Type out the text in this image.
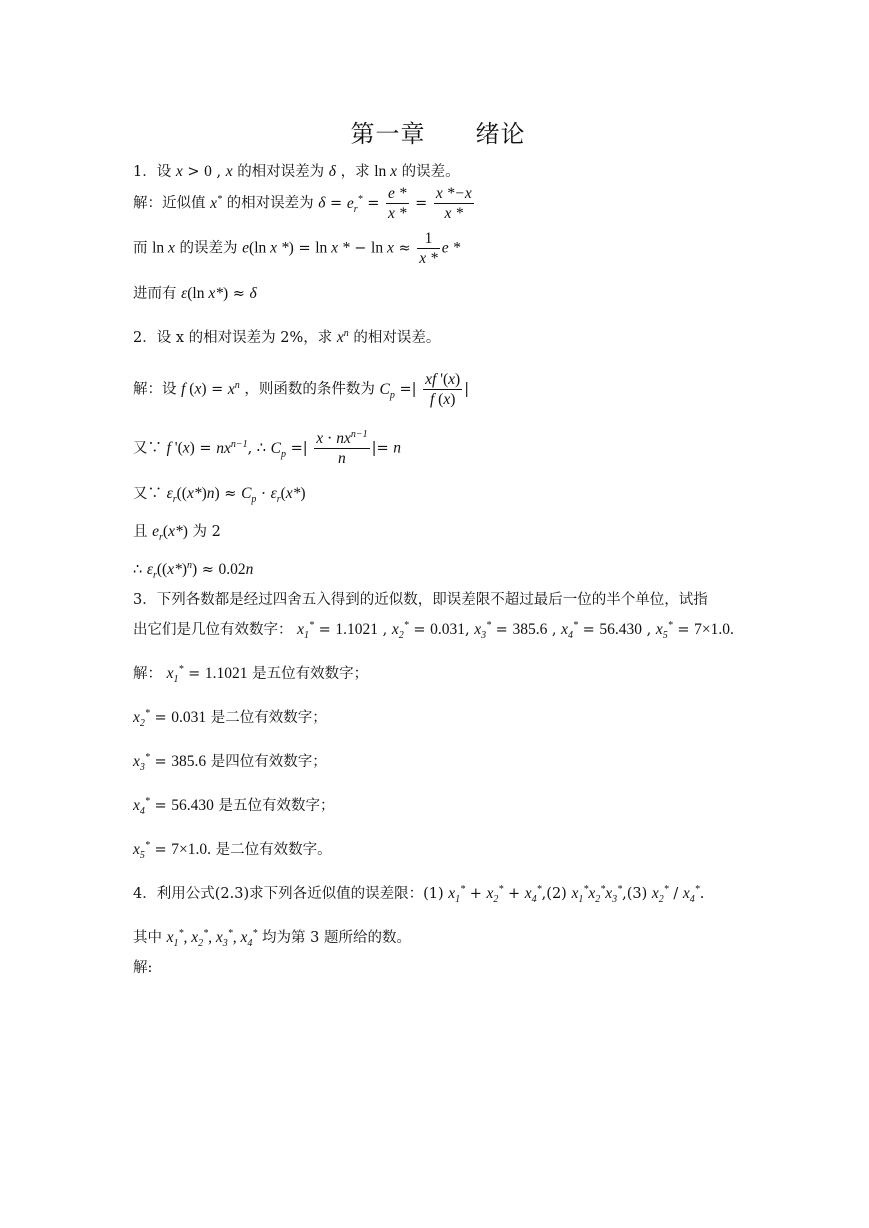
第一章　　绪论
1．设 x > 0 , x 的相对误差为 δ ，求 ln x 的误差。
解：近似值 x* 的相对误差为 $\delta = e_r^* = \frac{e *}{x *} = \frac{x *-x}{x *}$
而 ln x 的误差为 e(ln x *) = ln x * − $\ln x \approx \frac{1}{x *}$ e *
进而有 ε(ln x*) ≈ δ
2．设 x 的相对误差为 2%，求 $x^n$ 的相对误差。
解：设 f $(x) = x^n$ ，则函数的条件数为 $C_p$ =| $\frac{xf '(x)}{f (x)}$ |
又∵ f '$(x) = nx^{n-1}$, ∴ $C_p$ =| $\frac{x \cdot nx^{n-1}}{n}$ |= n
又∵ $\varepsilon_r((x*)n) \approx C_p \cdot \varepsilon_r(x*)$
且 $e_r(x*)$ 为 2
∴ $\varepsilon_r((x*)^n) \approx 0.02n$
3．下列各数都是经过四舍五入得到的近似数，即误差限不超过最后一位的半个单位，试指
出它们是几位有效数字： $x_1^* = 1.1021$ , $x_2^* = 0.031$, $x_3^* = 385.6$ , $x_4^* = 56.430$ , $x_5^* = 7\times 1.0$.
解： $x_1^* = 1.1021$ 是五位有效数字；
$x_2^* = 0.031$ 是二位有效数字；
$x_3^* = 385.6$ 是四位有效数字；
$x_4^* = 56.430$ 是五位有效数字；
$x_5^* = 7\times 1.0$. 是二位有效数字。
4．利用公式(2.3)求下列各近似值的误差限：(1) $x_1^* + x_2^* + x_4^*,(2)$ $x_1^*x_2^*x_3^*,(3)$ $x_2^* / x_4^*$.
其中 $x_1^*$, $x_2^*$, $x_3^*$, $x_4^*$ 均为第 3 题所给的数。
解:
